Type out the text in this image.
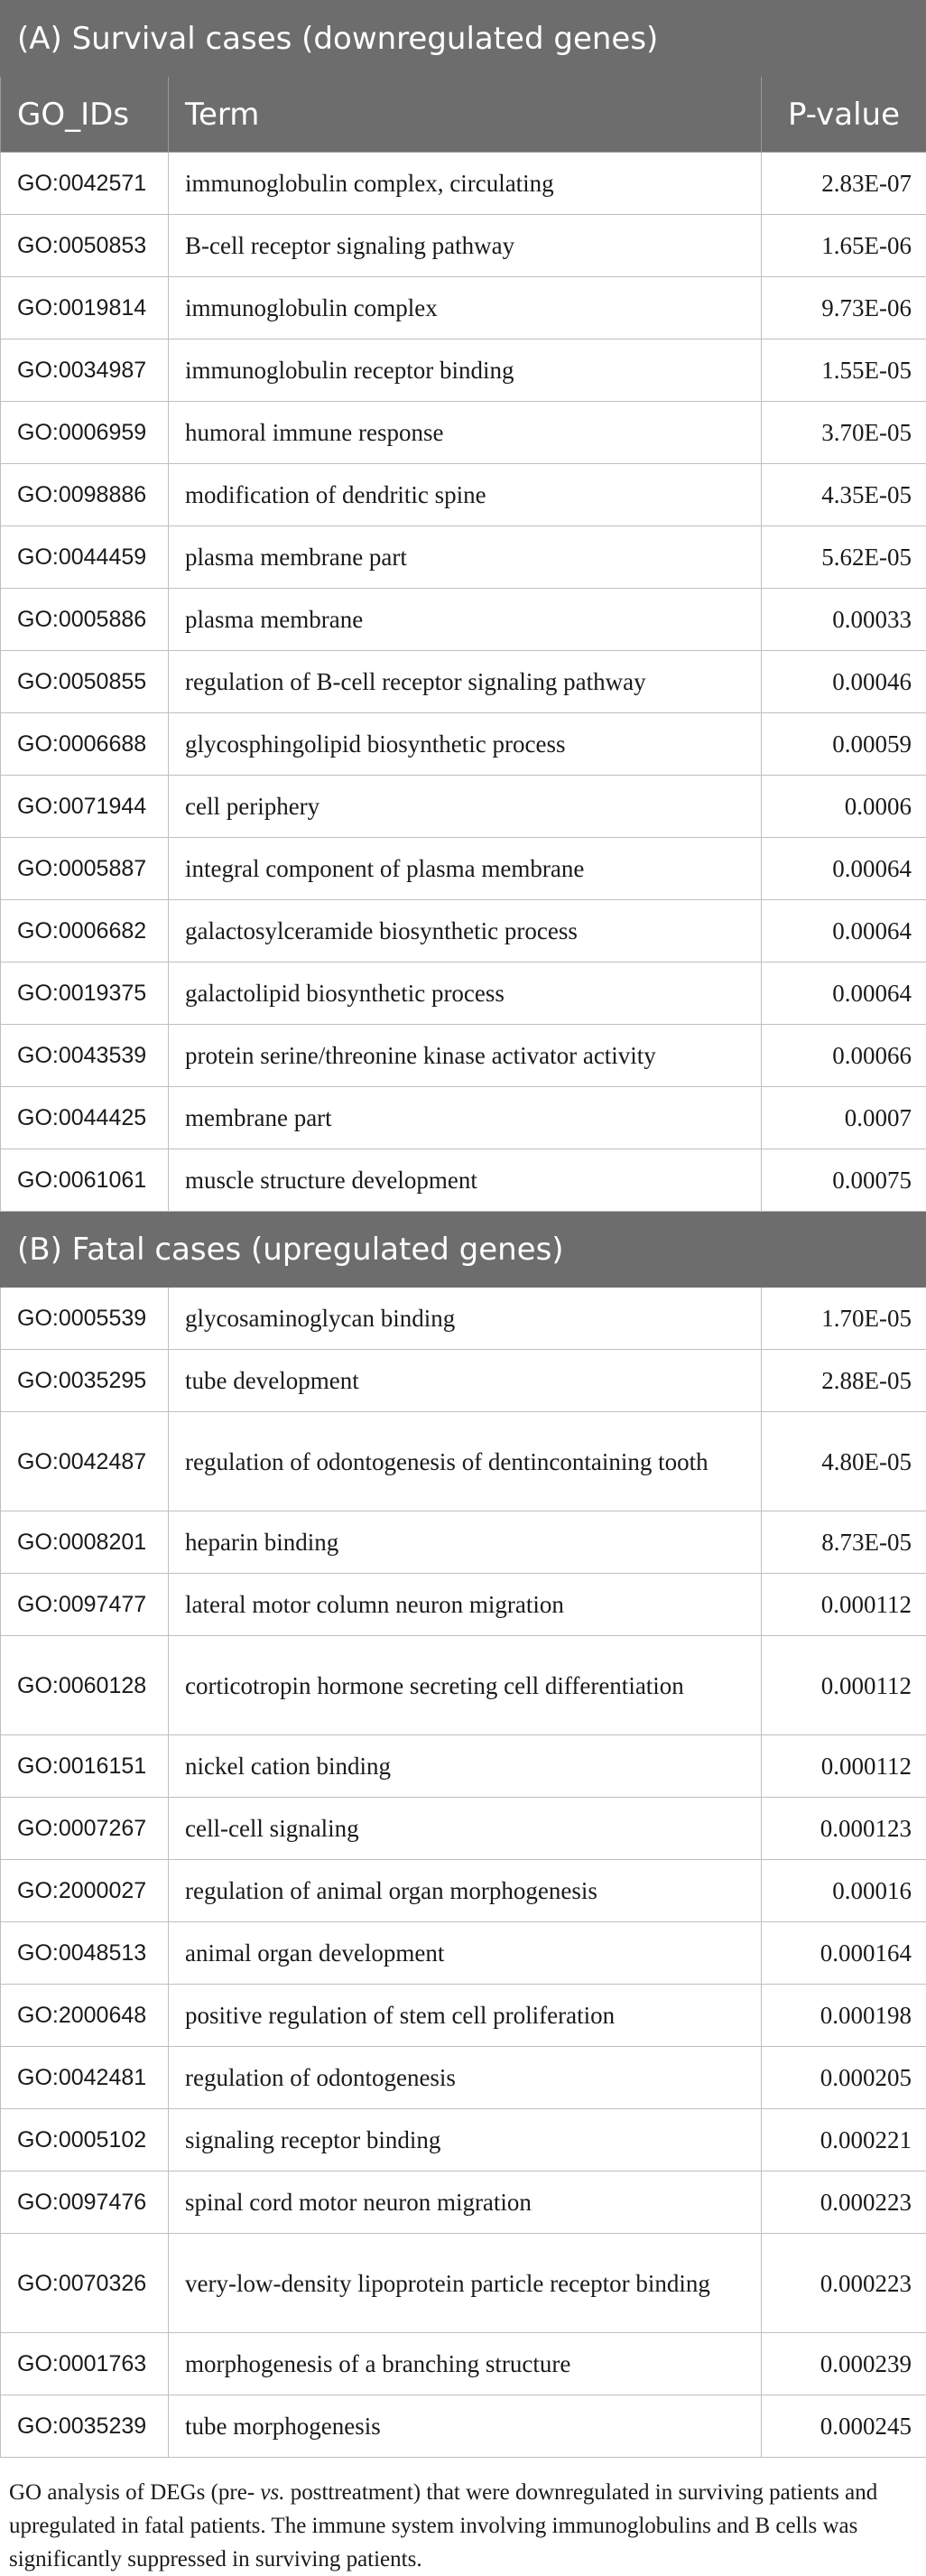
(A) Survival cases (downregulated genes)		
GO_IDs	Term	P-value
GO:0042571	immunoglobulin complex, circulating	2.83E-07
GO:0050853	B-cell receptor signaling pathway	1.65E-06
GO:0019814	immunoglobulin complex	9.73E-06
GO:0034987	immunoglobulin receptor binding	1.55E-05
GO:0006959	humoral immune response	3.70E-05
GO:0098886	modification of dendritic spine	4.35E-05
GO:0044459	plasma membrane part	5.62E-05
GO:0005886	plasma membrane	0.00033
GO:0050855	regulation of B-cell receptor signaling pathway	0.00046
GO:0006688	glycosphingolipid biosynthetic process	0.00059
GO:0071944	cell periphery	0.0006
GO:0005887	integral component of plasma membrane	0.00064
GO:0006682	galactosylceramide biosynthetic process	0.00064
GO:0019375	galactolipid biosynthetic process	0.00064
GO:0043539	protein serine/threonine kinase activator activity	0.00066
GO:0044425	membrane part	0.0007
GO:0061061	muscle structure development	0.00075
(B) Fatal cases (upregulated genes)		
GO:0005539	glycosaminoglycan binding	1.70E-05
GO:0035295	tube development	2.88E-05
GO:0042487	regulation of odontogenesis of dentincontaining tooth	4.80E-05
GO:0008201	heparin binding	8.73E-05
GO:0097477	lateral motor column neuron migration	0.000112
GO:0060128	corticotropin hormone secreting cell differentiation	0.000112
GO:0016151	nickel cation binding	0.000112
GO:0007267	cell-cell signaling	0.000123
GO:2000027	regulation of animal organ morphogenesis	0.00016
GO:0048513	animal organ development	0.000164
GO:2000648	positive regulation of stem cell proliferation	0.000198
GO:0042481	regulation of odontogenesis	0.000205
GO:0005102	signaling receptor binding	0.000221
GO:0097476	spinal cord motor neuron migration	0.000223
GO:0070326	very-low-density lipoprotein particle receptor binding	0.000223
GO:0001763	morphogenesis of a branching structure	0.000239
GO:0035239	tube morphogenesis	0.000245
GO analysis of DEGs (pre- vs. posttreatment) that were downregulated in surviving patients and upregulated in fatal patients. The immune system involving immunoglobulins and B cells was significantly suppressed in surviving patients.
